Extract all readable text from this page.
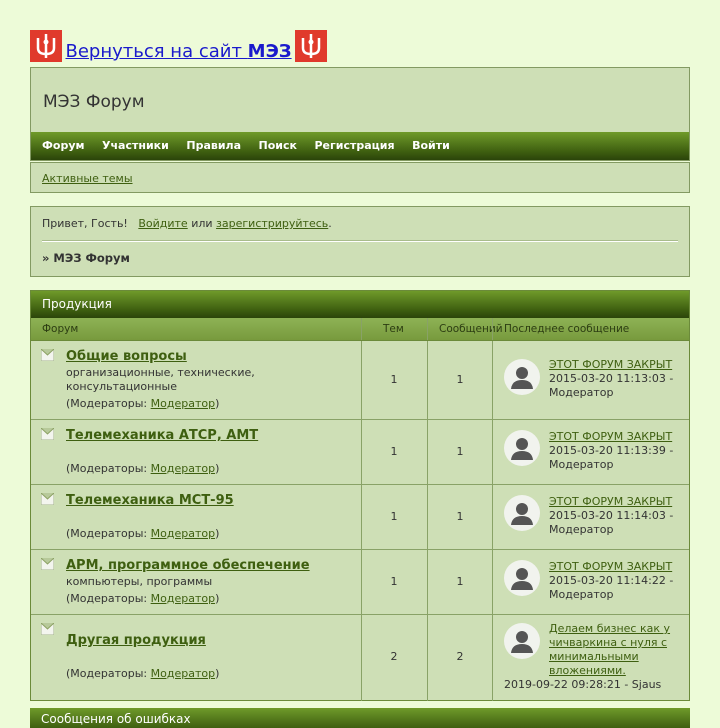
Вернуться на сайт МЭЗ
МЭЗ Форум
Форум Участники Правила Поиск Регистрация Войти
Активные темы
Привет, Гость! Войдите или зарегистрируйтесь.
» МЭЗ Форум
Продукция
Форум	Тем	Сообщений Последнее сообщение
Общие вопросы
организационные, технические, консультационные
(Модераторы: Модератор)
1	1
ЭТОТ ФОРУМ ЗАКРЫТ
2015-03-20 11:13:03 - Модератор
Телемеханика АТСР, АМТ
(Модераторы: Модератор)
1	1
ЭТОТ ФОРУМ ЗАКРЫТ
2015-03-20 11:13:39 - Модератор
Телемеханика МСТ-95
(Модераторы: Модератор)
1	1
ЭТОТ ФОРУМ ЗАКРЫТ
2015-03-20 11:14:03 - Модератор
АРМ, программное обеспечение
компьютеры, программы
(Модераторы: Модератор)
1	1
ЭТОТ ФОРУМ ЗАКРЫТ
2015-03-20 11:14:22 - Модератор
Другая продукция
(Модераторы: Модератор)
2	2
Делаем бизнес как у чичваркина с нуля с минимальными вложениями.
2019-09-22 09:28:21 - Sjaus
Сообщения об ошибках
